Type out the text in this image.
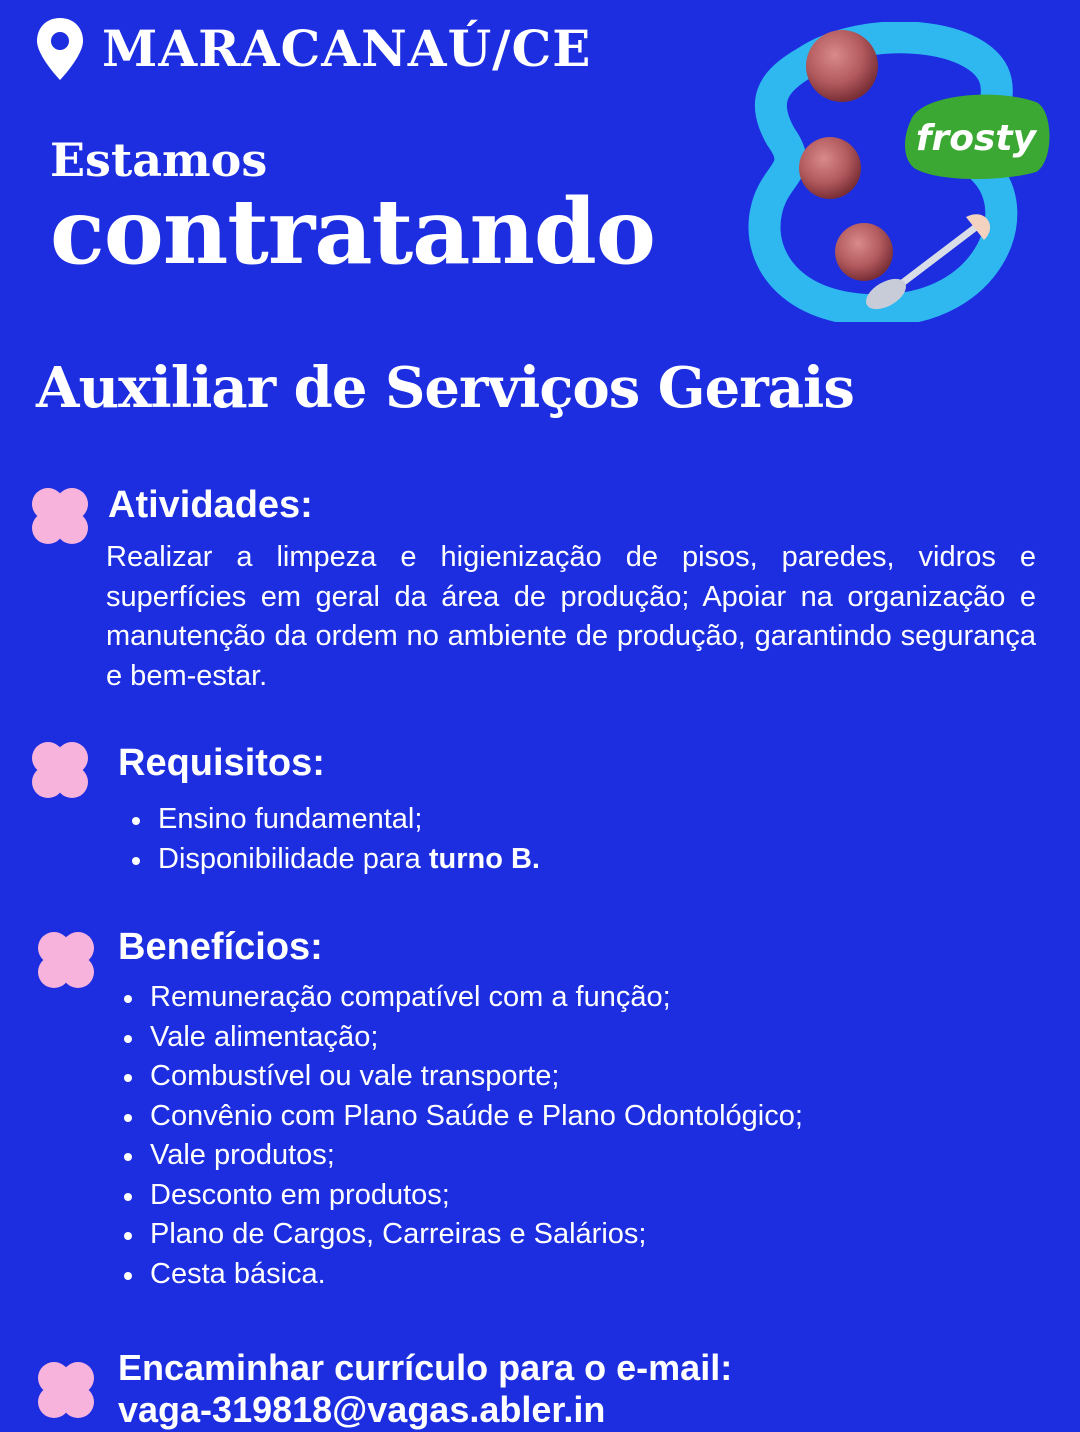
MARACANAÚ/CE
Estamos
contratando
frosty
Auxiliar de Serviços Gerais
Atividades:

Realizar a limpeza e higienização de pisos, paredes, vidros e superfícies em geral da área de produção; Apoiar na organização e manutenção da ordem no ambiente de produção, garantindo segurança e bem-estar.

Requisitos:
Ensino fundamental;
Disponibilidade para turno B.
Benefícios:
Remuneração compatível com a função;
Vale alimentação;
Combustível ou vale transporte;
Convênio com Plano Saúde e Plano Odontológico;
Vale produtos;
Desconto em produtos;
Plano de Cargos, Carreiras e Salários;
Cesta básica.
Encaminhar currículo para o e-mail:
vaga-319818@vagas.abler.in
